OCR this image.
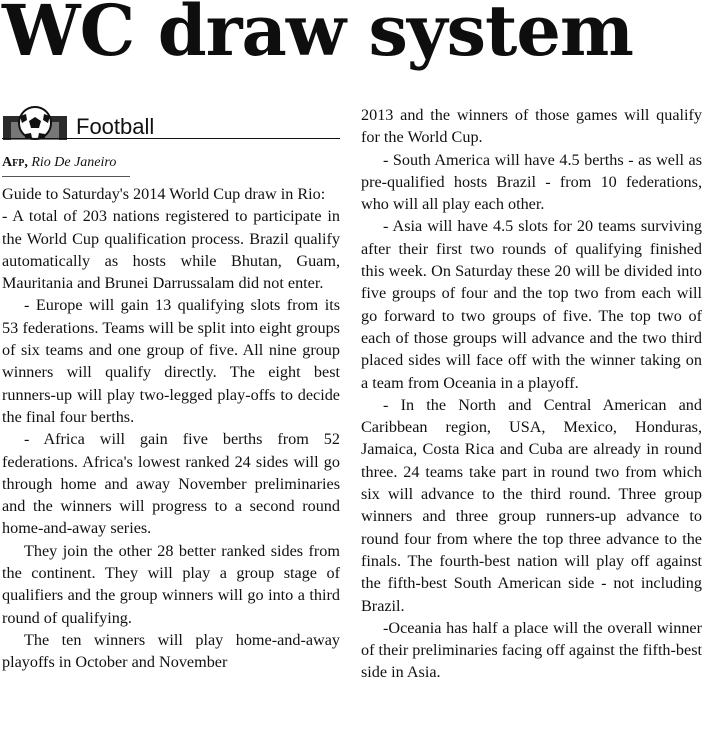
WC draw system
Football
Afp, Rio De Janeiro

Guide to Saturday's 2014 World Cup draw in Rio:

- A total of 203 nations registered to participate in the World Cup qualification process. Brazil qualify automatically as hosts while Bhutan, Guam, Mauritania and Brunei Darrussalam did not enter.

- Europe will gain 13 qualifying slots from its 53 federations. Teams will be split into eight groups of six teams and one group of five. All nine group winners will qualify directly. The eight best runners-up will play two-legged play-offs to decide the final four berths.

- Africa will gain five berths from 52 federations. Africa's lowest ranked 24 sides will go through home and away November preliminaries and the winners will progress to a second round home-and-away series.

They join the other 28 better ranked sides from the continent. They will play a group stage of qualifiers and the group winners will go into a third round of qualifying.

The ten winners will play home-and-away playoffs in October and November

2013 and the winners of those games will qualify for the World Cup.

- South America will have 4.5 berths - as well as pre-qualified hosts Brazil - from 10 federations, who will all play each other.

- Asia will have 4.5 slots for 20 teams surviving after their first two rounds of qualifying finished this week. On Saturday these 20 will be divided into five groups of four and the top two from each will go forward to two groups of five. The top two of each of those groups will advance and the two third placed sides will face off with the winner taking on a team from Oceania in a playoff.

- In the North and Central American and Caribbean region, USA, Mexico, Honduras, Jamaica, Costa Rica and Cuba are already in round three. 24 teams take part in round two from which six will advance to the third round. Three group winners and three group runners-up advance to round four from where the top three advance to the finals. The fourth-best nation will play off against the fifth-best South American side - not including Brazil.

-Oceania has half a place will the overall winner of their preliminaries facing off against the fifth-best side in Asia.
